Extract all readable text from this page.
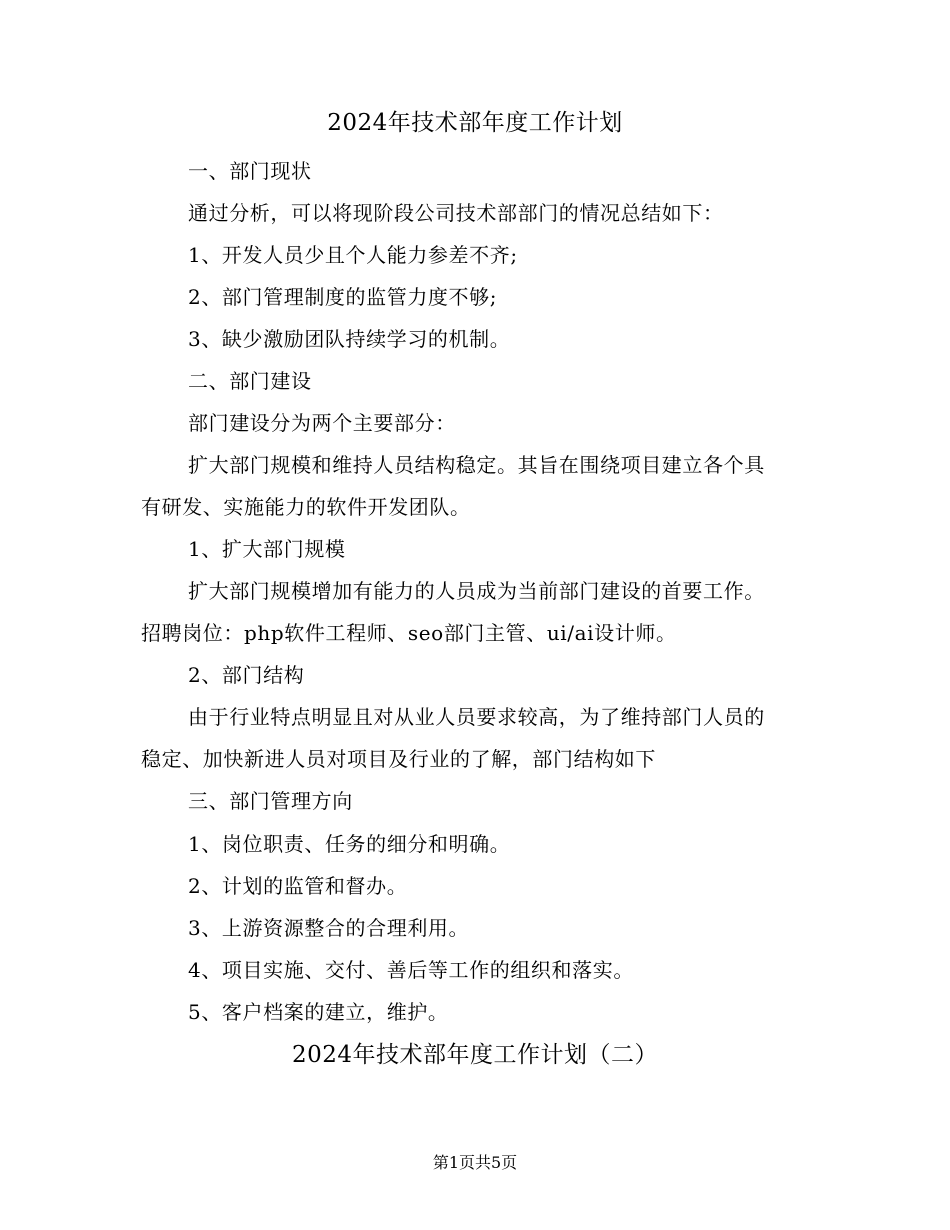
2024年技术部年度工作计划
一、部门现状
通过分析，可以将现阶段公司技术部部门的情况总结如下：
1、开发人员少且个人能力参差不齐;
2、部门管理制度的监管力度不够;
3、缺少激励团队持续学习的机制。
二、部门建设
部门建设分为两个主要部分：
扩大部门规模和维持人员结构稳定。其旨在围绕项目建立各个具
有研发、实施能力的软件开发团队。
1、扩大部门规模
扩大部门规模增加有能力的人员成为当前部门建设的首要工作。
招聘岗位：php软件工程师、seo部门主管、ui/ai设计师。
2、部门结构
由于行业特点明显且对从业人员要求较高，为了维持部门人员的
稳定、加快新进人员对项目及行业的了解，部门结构如下
三、部门管理方向
1、岗位职责、任务的细分和明确。
2、计划的监管和督办。
3、上游资源整合的合理利用。
4、项目实施、交付、善后等工作的组织和落实。
5、客户档案的建立，维护。
2024年技术部年度工作计划（二）
第1页共5页
